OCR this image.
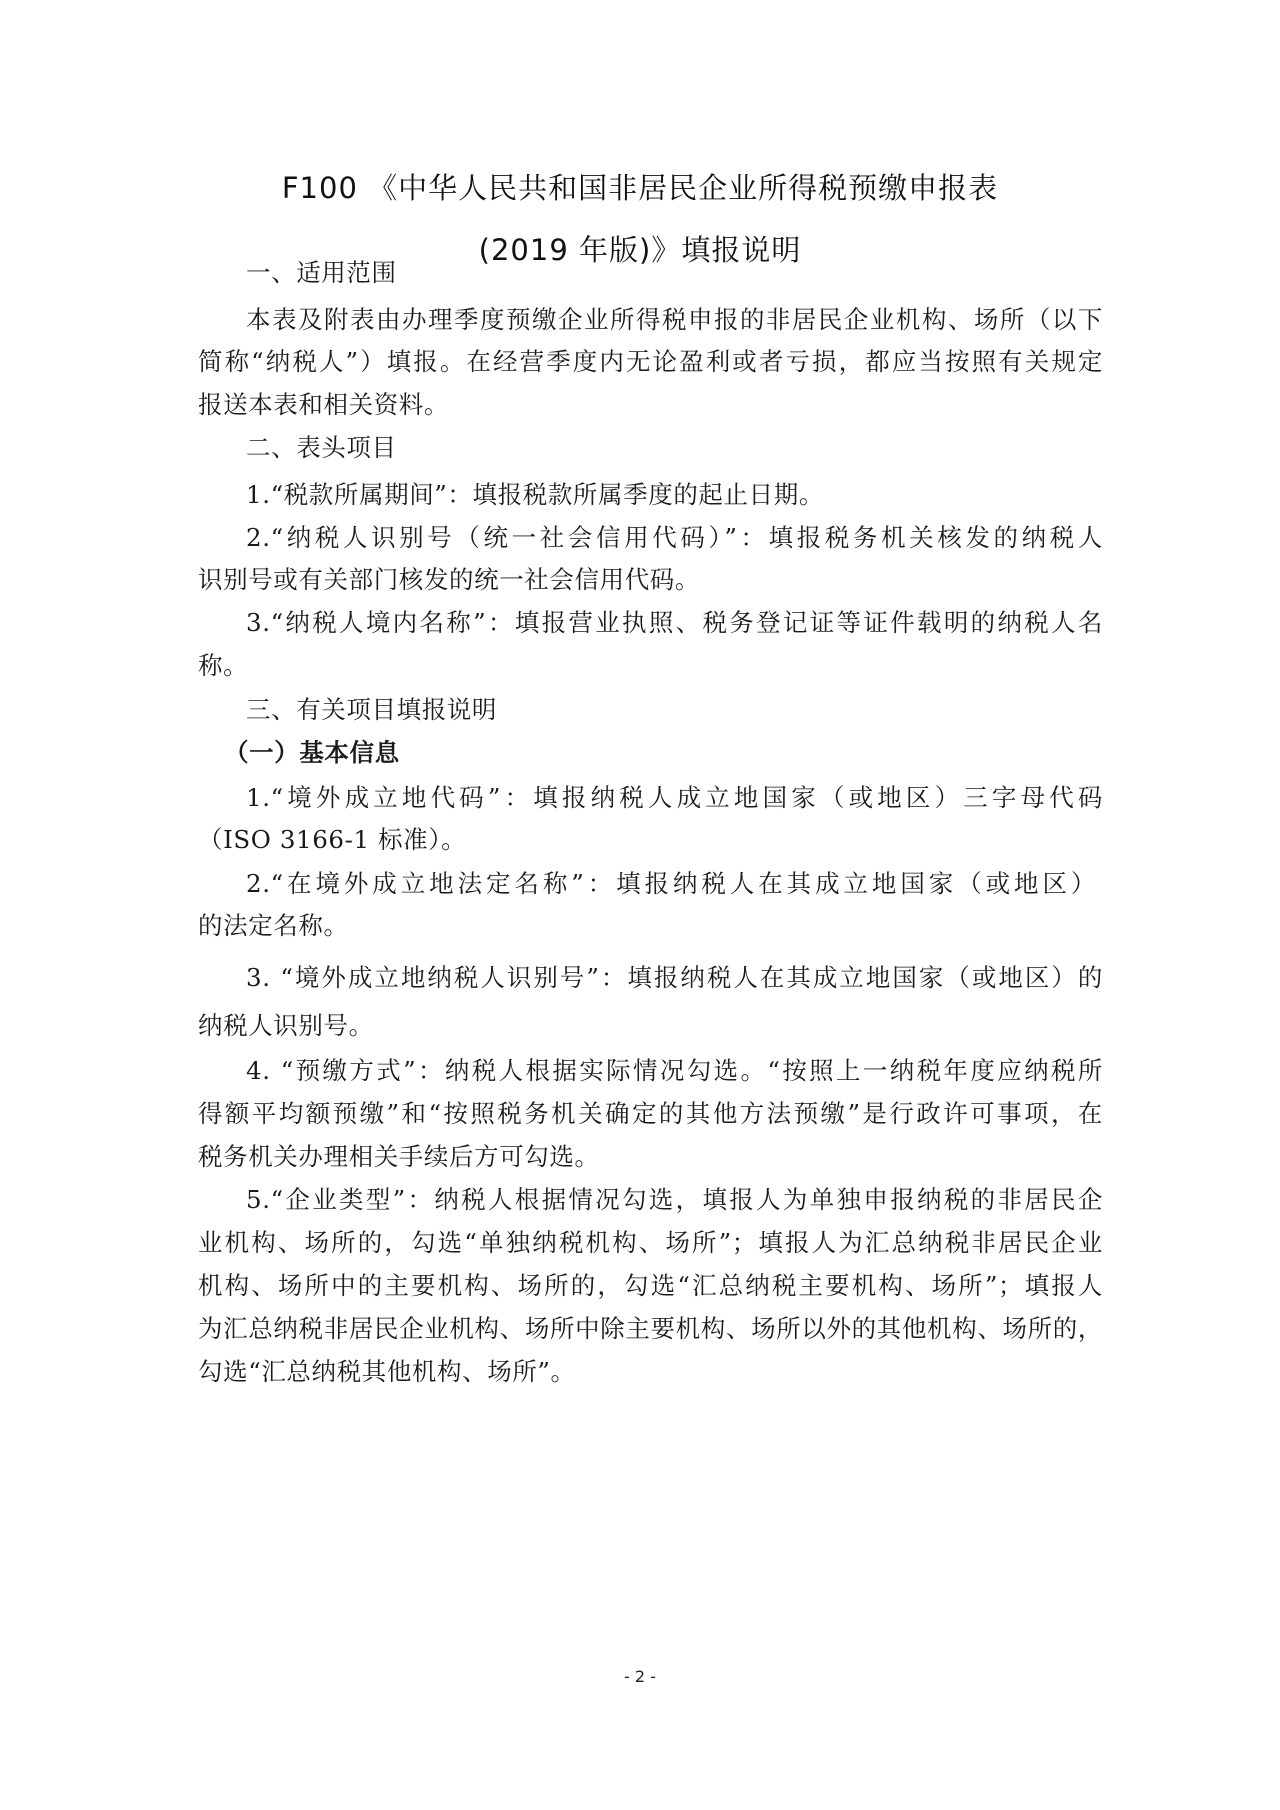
F100 《中华人民共和国非居民企业所得税预缴申报表
(2019 年版)》填报说明
一、适用范围
本表及附表由办理季度预缴企业所得税申报的非居民企业机构、场所（以下
简称“纳税人”）填报。在经营季度内无论盈利或者亏损，都应当按照有关规定
报送本表和相关资料。
二、表头项目
1.“税款所属期间”：填报税款所属季度的起止日期。
2.“纳税人识别号（统一社会信用代码）”：填报税务机关核发的纳税人
识别号或有关部门核发的统一社会信用代码。
3.“纳税人境内名称”：填报营业执照、税务登记证等证件载明的纳税人名
称。
三、有关项目填报说明
（一）基本信息
1.“境外成立地代码”：填报纳税人成立地国家（或地区）三字母代码
（ISO 3166-1 标准）。
2.“在境外成立地法定名称”：填报纳税人在其成立地国家（或地区）
的法定名称。
3. “境外成立地纳税人识别号”：填报纳税人在其成立地国家（或地区）的
纳税人识别号。
4. “预缴方式”：纳税人根据实际情况勾选。“按照上一纳税年度应纳税所
得额平均额预缴”和“按照税务机关确定的其他方法预缴”是行政许可事项，在
税务机关办理相关手续后方可勾选。
5.“企业类型”：纳税人根据情况勾选，填报人为单独申报纳税的非居民企
业机构、场所的，勾选“单独纳税机构、场所”；填报人为汇总纳税非居民企业
机构、场所中的主要机构、场所的，勾选“汇总纳税主要机构、场所”；填报人
为汇总纳税非居民企业机构、场所中除主要机构、场所以外的其他机构、场所的，
勾选“汇总纳税其他机构、场所”。
- 2 -
